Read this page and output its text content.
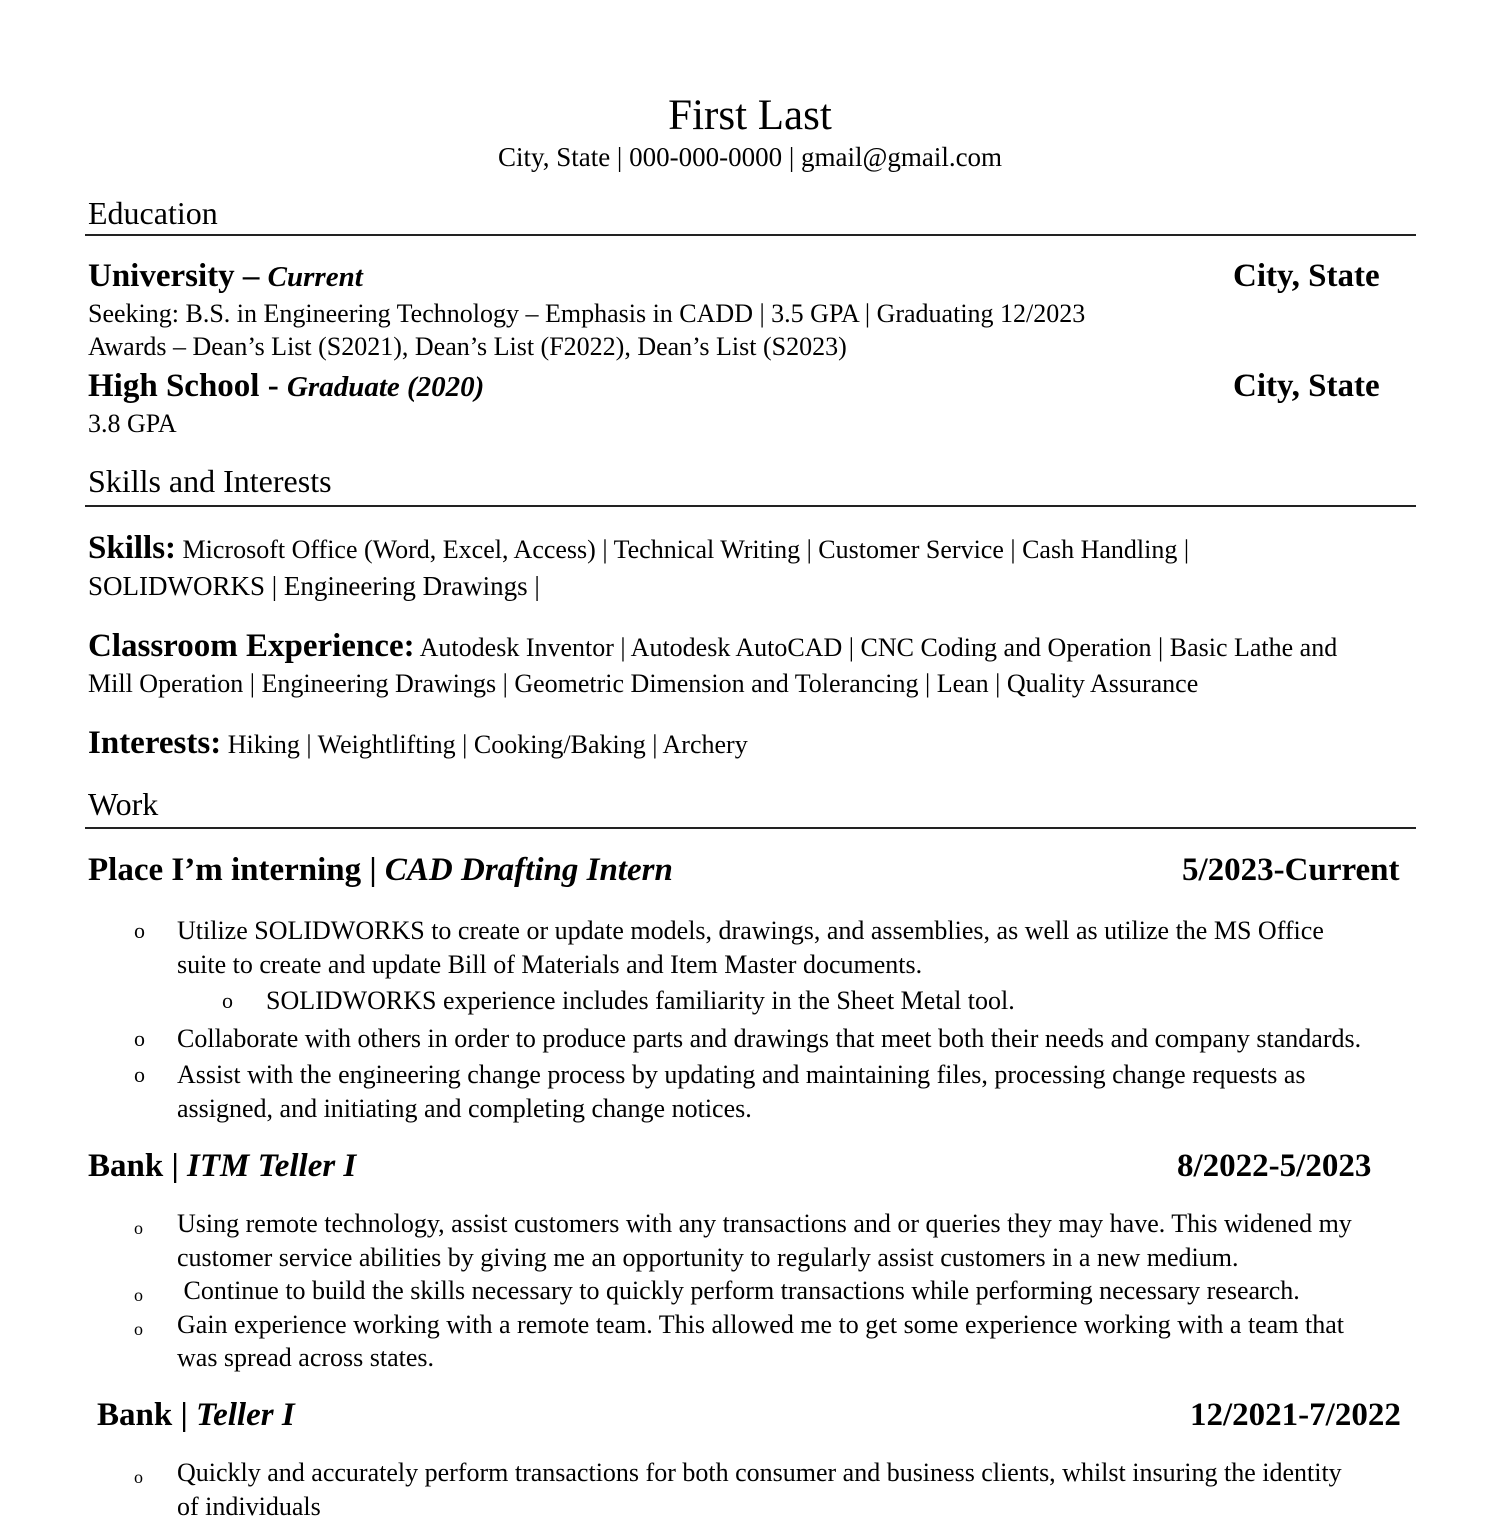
First Last
City, State | 000-000-0000 | gmail@gmail.com
Education
University – Current	City, State
Seeking: B.S. in Engineering Technology – Emphasis in CADD | 3.5 GPA | Graduating 12/2023
Awards – Dean’s List (S2021), Dean’s List (F2022), Dean’s List (S2023)
High School - Graduate (2020)	City, State
3.8 GPA
Skills and Interests
Skills: Microsoft Office (Word, Excel, Access) | Technical Writing | Customer Service | Cash Handling |
SOLIDWORKS | Engineering Drawings |
Classroom Experience: Autodesk Inventor | Autodesk AutoCAD | CNC Coding and Operation | Basic Lathe and
Mill Operation | Engineering Drawings | Geometric Dimension and Tolerancing | Lean | Quality Assurance
Interests: Hiking | Weightlifting | Cooking/Baking | Archery
Work
Place I’m interning | CAD Drafting Intern	5/2023-Current
o Utilize SOLIDWORKS to create or update models, drawings, and assemblies, as well as utilize the MS Office
suite to create and update Bill of Materials and Item Master documents.
o SOLIDWORKS experience includes familiarity in the Sheet Metal tool.
o Collaborate with others in order to produce parts and drawings that meet both their needs and company standards.
o Assist with the engineering change process by updating and maintaining files, processing change requests as
assigned, and initiating and completing change notices.
Bank | ITM Teller I	8/2022-5/2023
o Using remote technology, assist customers with any transactions and or queries they may have. This widened my
customer service abilities by giving me an opportunity to regularly assist customers in a new medium.
o Continue to build the skills necessary to quickly perform transactions while performing necessary research.
o Gain experience working with a remote team. This allowed me to get some experience working with a team that
was spread across states.
Bank | Teller I	12/2021-7/2022
o Quickly and accurately perform transactions for both consumer and business clients, whilst insuring the identity
of individuals
